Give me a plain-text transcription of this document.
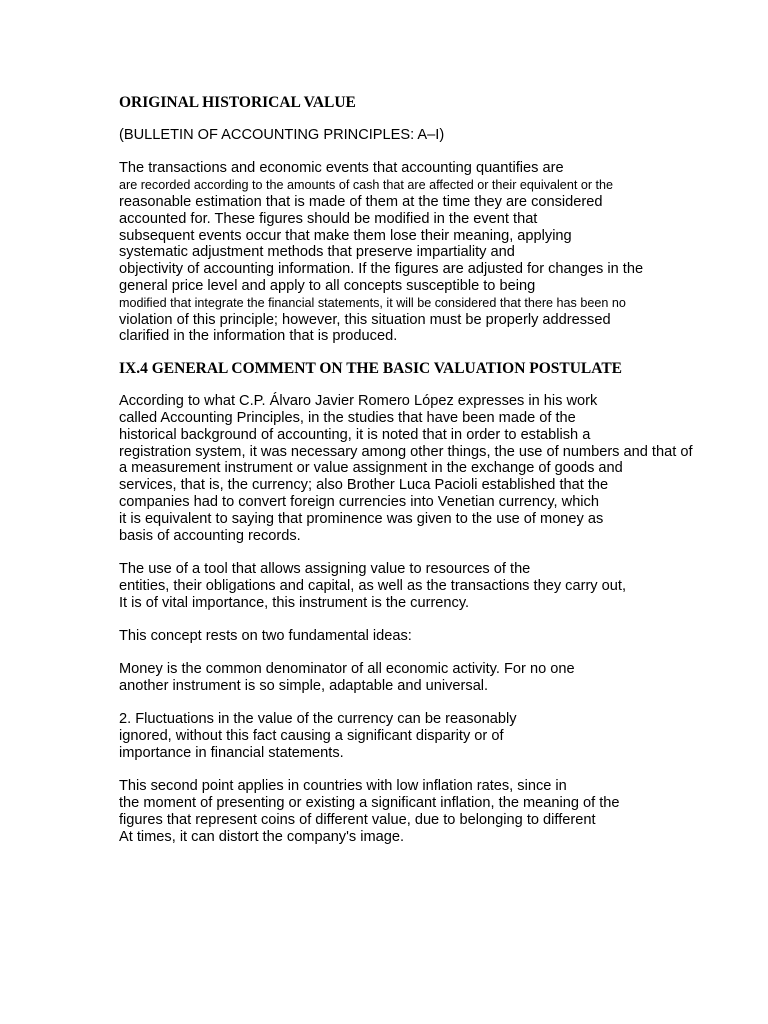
ORIGINAL HISTORICAL VALUE
(BULLETIN OF ACCOUNTING PRINCIPLES: A–I)
The transactions and economic events that accounting quantifies are
are recorded according to the amounts of cash that are affected or their equivalent or the
reasonable estimation that is made of them at the time they are considered
accounted for. These figures should be modified in the event that
subsequent events occur that make them lose their meaning, applying
systematic adjustment methods that preserve impartiality and
objectivity of accounting information. If the figures are adjusted for changes in the
general price level and apply to all concepts susceptible to being
modified that integrate the financial statements, it will be considered that there has been no
violation of this principle; however, this situation must be properly addressed
clarified in the information that is produced.
IX.4 GENERAL COMMENT ON THE BASIC VALUATION POSTULATE
According to what C.P. Álvaro Javier Romero López expresses in his work
called Accounting Principles, in the studies that have been made of the
historical background of accounting, it is noted that in order to establish a
registration system, it was necessary among other things, the use of numbers and that of
a measurement instrument or value assignment in the exchange of goods and
services, that is, the currency; also Brother Luca Pacioli established that the
companies had to convert foreign currencies into Venetian currency, which
it is equivalent to saying that prominence was given to the use of money as
basis of accounting records.
The use of a tool that allows assigning value to resources of the
entities, their obligations and capital, as well as the transactions they carry out,
It is of vital importance, this instrument is the currency.
This concept rests on two fundamental ideas:
Money is the common denominator of all economic activity. For no one
another instrument is so simple, adaptable and universal.
2. Fluctuations in the value of the currency can be reasonably
ignored, without this fact causing a significant disparity or of
importance in financial statements.
This second point applies in countries with low inflation rates, since in
the moment of presenting or existing a significant inflation, the meaning of the
figures that represent coins of different value, due to belonging to different
At times, it can distort the company's image.
